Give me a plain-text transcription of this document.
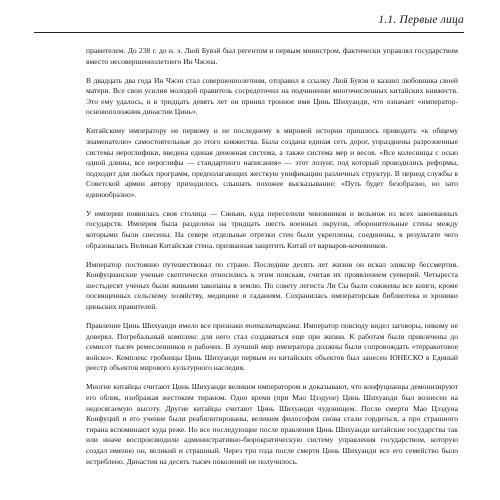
1.1. Первые лица

правителем. До 238 г. до н. э. Люй Бувэй был регентом и первым министром, фактически управлял государством вместо несовершеннолетнего Ин Чжэна.

В двадцать два года Ин Чжэн стал совершеннолетним, отправил в ссылку Люй Бувэя и казнил любовника своей матери. Все свои усилия молодой правитель сосредоточил на подчинении многочисленных китайских княжеств. Это ему удалось, и в тридцать девять лет он принял тронное имя Цинь Шихуанди, что означает «император-основоположник династии Цинь».

Китайскому императору не первому и не последнему в мировой истории пришлось приводить «к общему знаменателю» самостоятельные до этого княжества. Была создана единая сеть дорог, упразднены разрозненные системы иероглифики, введена единая денежная система, а также система мер и весов. «Все колесницы с осью одной длины, все иероглифы — стандартного написания» — этот лозунг, под который проводились реформы, подходит для любых программ, предполагающих жесткую унификацию различных структур. В период службы в Советской армии автору приходилось слышать похожее высказывание: «Путь будет безобразно, но зато единообразно».

У империи появилась своя столица — Сяньян, куда переселили чиновников и вельмож из всех завоеванных государств. Империя была разделена на тридцать шесть военных округов, оборонительные стены между которыми были снесены. На севере отдельные отрезки стен были укреплены, соединены, в результате чего образовалась Великая Китайская стена, призванная защитить Китай от варваров-кочевников.

Император постоянно путешествовал по стране. Последние десять лет жизни он искал эликсир бессмертия. Конфуцианские ученые скептически относились к этим поискам, считая их проявлением суеверий. Четыреста шестьдесят ученых были живыми закопаны в землю. По совету легиста Ли Сы были сожжены все книги, кроме посвященных сельскому хозяйству, медицине и гаданиям. Сохранилась императорская библиотека и хроники циньских правителей.

Правление Цинь Шихуанди имело все признаки тоталитаризма. Император повсюду видел заговоры, никому не доверял. Погребальный комплекс для него стал создаваться еще при жизни. К работам были привлечены до семисот тысяч ремесленников и рабочих. В лучший мир императора должны были сопровождать «терракотовое войско». Комплекс гробницы Цинь Шихуанди первым из китайских объектов был занесен ЮНЕСКО в Единый реестр объектов мирового культурного наследия.

Многие китайцы считают Цинь Шихуанди великим императором и доказывают, что конфуцианцы демонизируют его облик, изображая жестоким тираном. Одно время (при Мао Цзэдуне) Цинь Шихуанди был вознесен на недосягаемую высоту. Другие китайцы считают Цинь Шихуанди чудовищем. После смерти Мао Цзэдуна Конфуций и его учение были реабилитированы, великим философом снова стали гордиться, а про страшного тирана вспоминают куда реже. Но все последующие после правления Цинь Шихуанди китайские государства так или иначе воспроизводили административно-бюрократическую систему управления государством, которую создал именно он, великий и страшный. Через три года после смерти Цинь Шихуанди все его семейство было истреблено. Династия на десять тысяч поколений не получилось.
